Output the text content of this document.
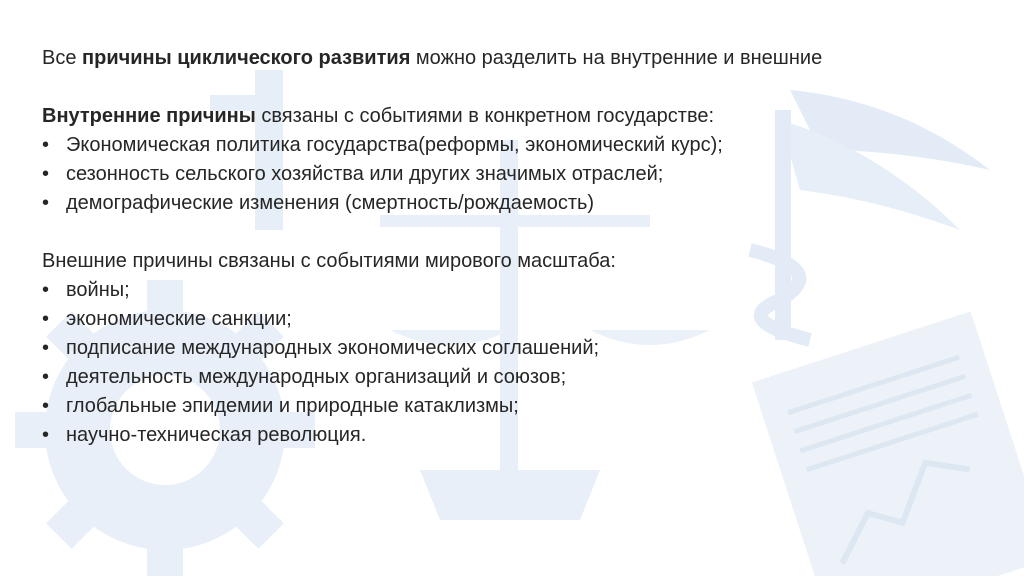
Все причины циклического развития можно разделить на внутренние и внешние
Внутренние причины связаны с событиями в конкретном государстве:
• Экономическая политика государства(реформы, экономический курс);
• сезонность сельского хозяйства или других значимых отраслей;
• демографические изменения (смертность/рождаемость)
Внешние причины связаны с событиями мирового масштаба:
• войны;
• экономические санкции;
• подписание международных экономических соглашений;
• деятельность международных организаций и союзов;
• глобальные эпидемии и природные катаклизмы;
• научно-техническая революция.
